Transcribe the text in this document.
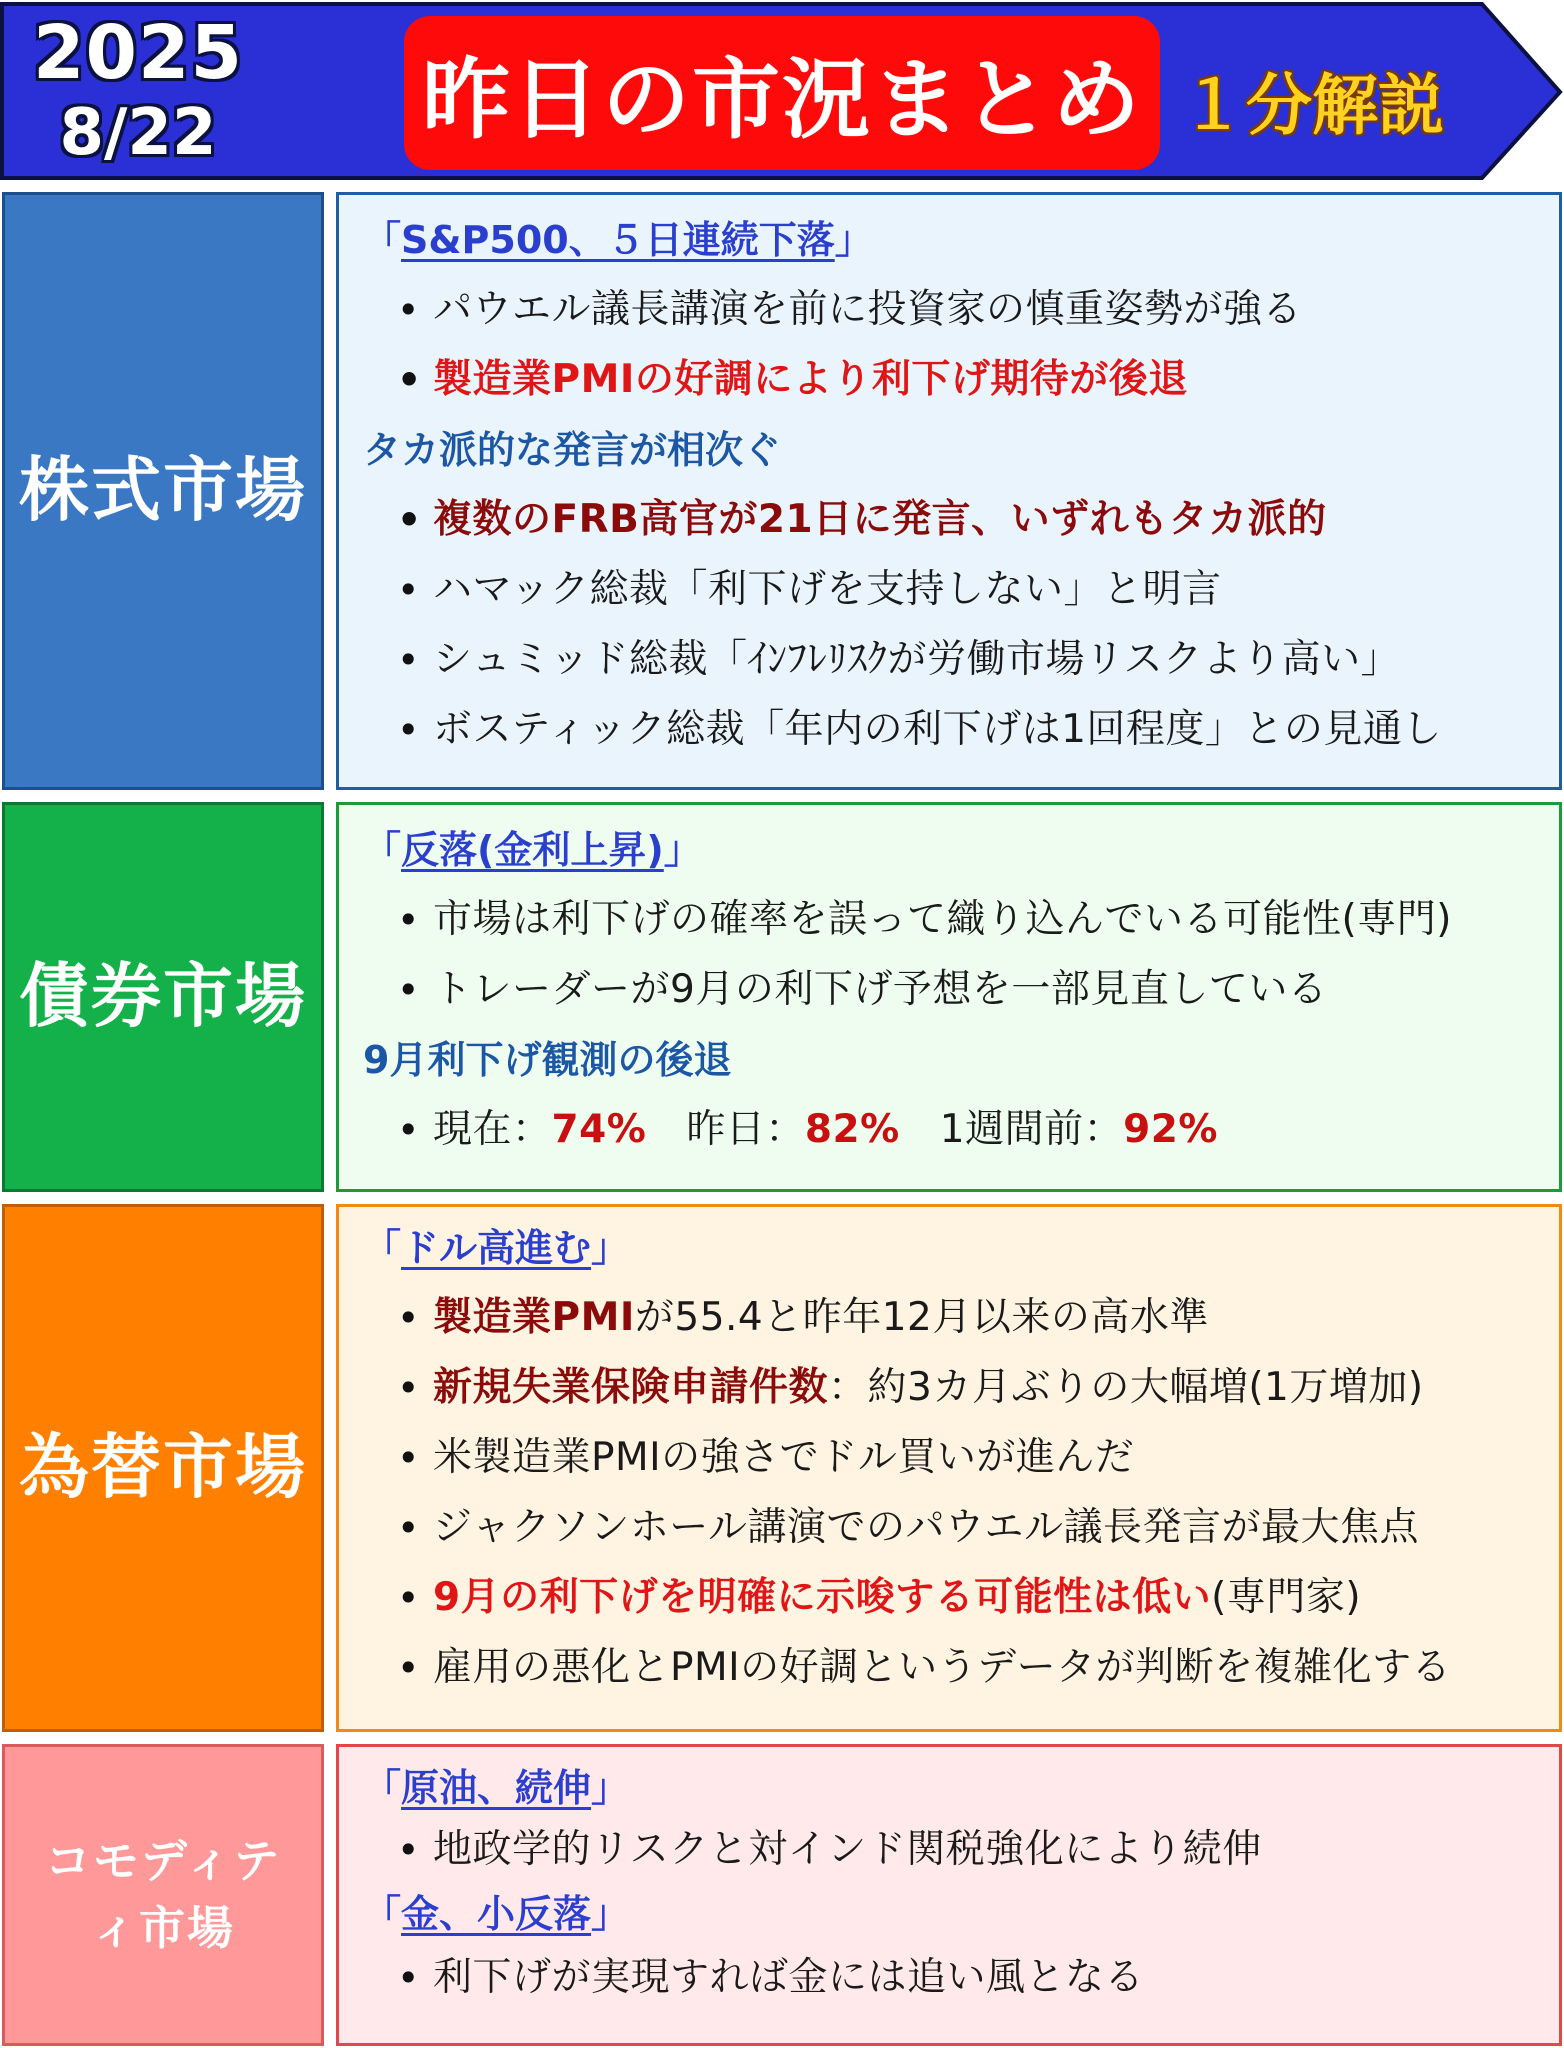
2025
8/22	昨日の市況まとめ １分解説
株式市場
「S&P500、５日連続下落」
• パウエル議長講演を前に投資家の慎重姿勢が強る
• 製造業PMIの好調により利下げ期待が後退
タカ派的な発言が相次ぐ
• 複数のFRB高官が21日に発言、いずれもタカ派的
• ハマック総裁「利下げを支持しない」と明言
• シュミッド総裁「ｲﾝﾌﾚﾘｽｸが労働市場リスクより高い」
• ボスティック総裁「年内の利下げは1回程度」との見通し
債券市場
「反落(金利上昇)」
• 市場は利下げの確率を誤って織り込んでいる可能性(専門)
• トレーダーが9月の利下げ予想を一部見直している
9月利下げ観測の後退
• 現在：74% 昨日：82% 1週間前：92%
為替市場
「ドル高進む」
• 製造業PMIが55.4と昨年12月以来の高水準
• 新規失業保険申請件数：約3カ月ぶりの大幅増(1万増加)
• 米製造業PMIの強さでドル買いが進んだ
• ジャクソンホール講演でのパウエル議長発言が最大焦点
• 9月の利下げを明確に示唆する可能性は低い(専門家)
• 雇用の悪化とPMIの好調というデータが判断を複雑化する
コモディテ
ィ市場
「原油、続伸」
• 地政学的リスクと対インド関税強化により続伸
「金、小反落」
• 利下げが実現すれば金には追い風となる
